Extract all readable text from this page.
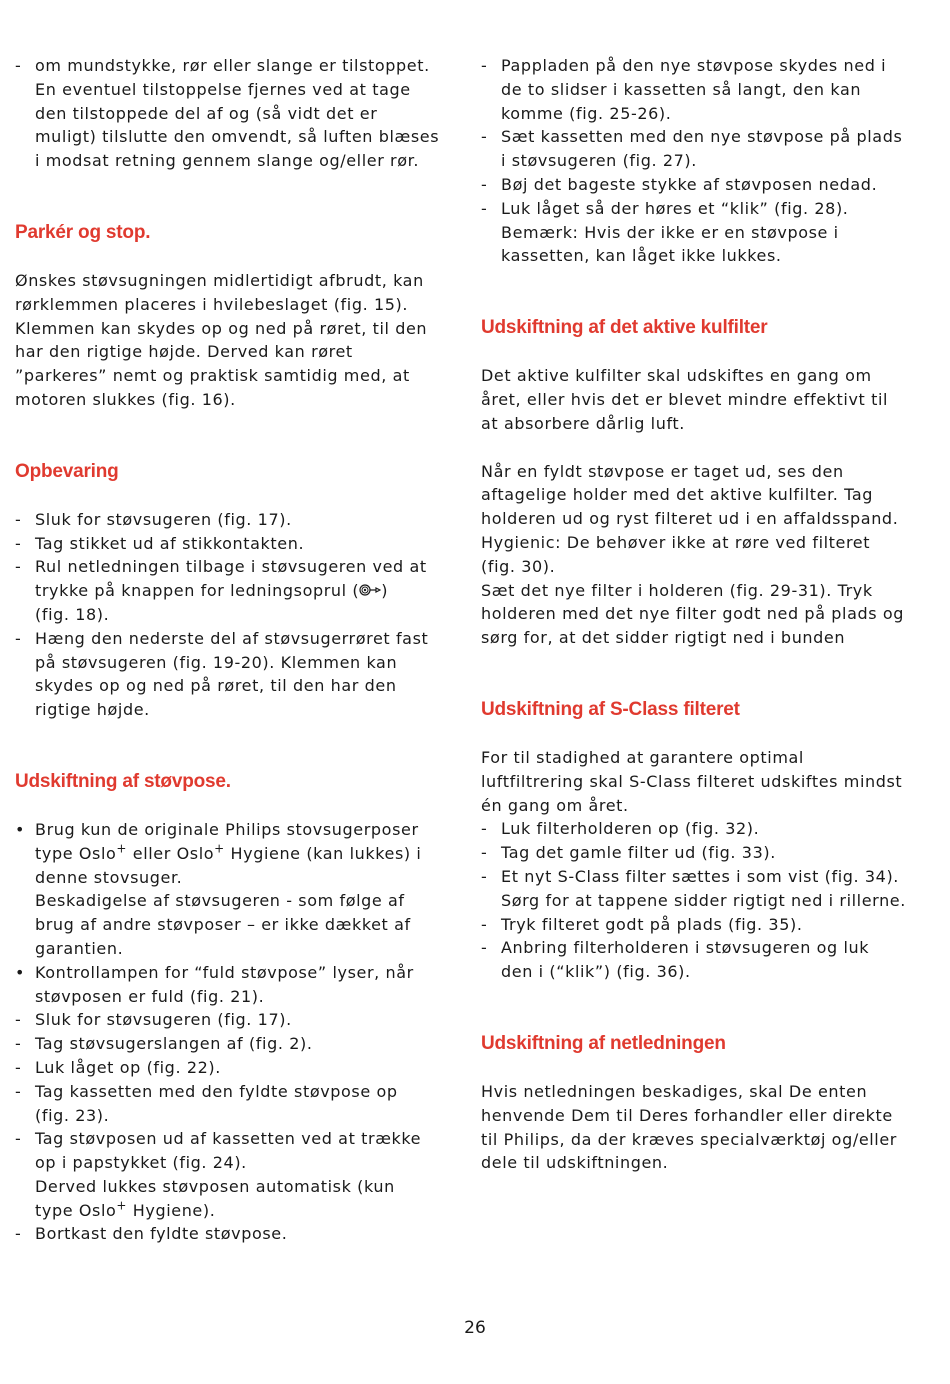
- om mundstykke, rør eller slange er tilstoppet.
En eventuel tilstoppelse fjernes ved at tage
den tilstoppede del af og (så vidt det er
muligt) tilslutte den omvendt, så luften blæses
i modsat retning gennem slange og/eller rør.
Parkér og stop.
Ønskes støvsugningen midlertidigt afbrudt, kan
rørklemmen placeres i hvilebeslaget (fig. 15).
Klemmen kan skydes op og ned på røret, til den
har den rigtige højde. Derved kan røret
”parkeres” nemt og praktisk samtidig med, at
motoren slukkes (fig. 16).
Opbevaring
- Sluk for støvsugeren (fig. 17).
- Tag stikket ud af stikkontakten.
- Rul netledningen tilbage i støvsugeren ved at
trykke på knappen for ledningsoprul ( )
(fig. 18).
- Hæng den nederste del af støvsugerrøret fast
på støvsugeren (fig. 19-20). Klemmen kan
skydes op og ned på røret, til den har den
rigtige højde.
Udskiftning af støvpose.
• Brug kun de originale Philips stovsugerposer
type Oslo+ eller Oslo+ Hygiene (kan lukkes) i
denne stovsuger.
Beskadigelse af støvsugeren - som følge af
brug af andre støvposer – er ikke dækket af
garantien.
• Kontrollampen for “fuld støvpose” lyser, når
støvposen er fuld (fig. 21).
- Sluk for støvsugeren (fig. 17).
- Tag støvsugerslangen af (fig. 2).
- Luk låget op (fig. 22).
- Tag kassetten med den fyldte støvpose op
(fig. 23).
- Tag støvposen ud af kassetten ved at trække
op i papstykket (fig. 24).
Derved lukkes støvposen automatisk (kun
type Oslo+ Hygiene).
- Bortkast den fyldte støvpose.
- Pappladen på den nye støvpose skydes ned i
de to slidser i kassetten så langt, den kan
komme (fig. 25-26).
- Sæt kassetten med den nye støvpose på plads
i støvsugeren (fig. 27).
- Bøj det bageste stykke af støvposen nedad.
- Luk låget så der høres et “klik” (fig. 28).
Bemærk: Hvis der ikke er en støvpose i
kassetten, kan låget ikke lukkes.
Udskiftning af det aktive kulfilter
Det aktive kulfilter skal udskiftes en gang om
året, eller hvis det er blevet mindre effektivt til
at absorbere dårlig luft.
Når en fyldt støvpose er taget ud, ses den
aftagelige holder med det aktive kulfilter. Tag
holderen ud og ryst filteret ud i en affaldsspand.
Hygienic: De behøver ikke at røre ved filteret
(fig. 30).
Sæt det nye filter i holderen (fig. 29-31). Tryk
holderen med det nye filter godt ned på plads og
sørg for, at det sidder rigtigt ned i bunden
Udskiftning af S-Class filteret
For til stadighed at garantere optimal
luftfiltrering skal S-Class filteret udskiftes mindst
én gang om året.
- Luk filterholderen op (fig. 32).
- Tag det gamle filter ud (fig. 33).
- Et nyt S-Class filter sættes i som vist (fig. 34).
Sørg for at tappene sidder rigtigt ned i rillerne.
- Tryk filteret godt på plads (fig. 35).
- Anbring filterholderen i støvsugeren og luk
den i (“klik”) (fig. 36).
Udskiftning af netledningen
Hvis netledningen beskadiges, skal De enten
henvende Dem til Deres forhandler eller direkte
til Philips, da der kræves specialværktøj og/eller
dele til udskiftningen.
26
